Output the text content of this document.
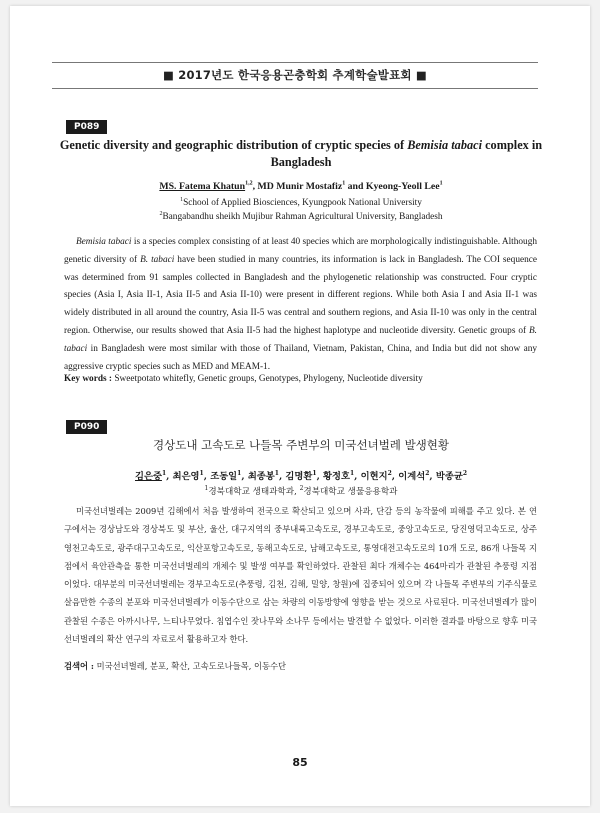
■ 2017년도 한국응용곤충학회 추계학술발표회 ■
P089
Genetic diversity and geographic distribution of cryptic species of Bemisia tabaci complex in Bangladesh
MS. Fatema Khatun$^{1,2}$, MD Munir Mostafiz$^1$ and Kyeong-Yeoll Lee$^1$
$^1$School of Applied Biosciences, Kyungpook National University
$^2$Bangabandhu sheikh Mujibur Rahman Agricultural University, Bangladesh

Bemisia tabaci is a species complex consisting of at least 40 species which are morphologically indistinguishable. Although genetic diversity of B. tabaci have been studied in many countries, its information is lack in Bangladesh. The COI sequence was determined from 91 samples collected in Bangladesh and the phylogenetic relationship was constructed. Four cryptic species (Asia I, Asia II-1, Asia II-5 and Asia II-10) were present in different regions. While both Asia I and Asia II-1 was widely distributed in all around the country, Asia II-5 was central and southern regions, and Asia II-10 was only in the central region. Otherwise, our results showed that Asia II-5 had the highest haplotype and nucleotide diversity. Genetic groups of B. tabaci in Bangladesh were most similar with those of Thailand, Vietnam, Pakistan, China, and India but did not show any aggressive cryptic species such as MED and MEAM-1.

Key words : Sweetpotato whitefly, Genetic groups, Genotypes, Phylogeny, Nucleotide diversity
P090
경상도내 고속도로 나들목 주변부의 미국선녀벌레 발생현황
김은중$^1$, 최은영$^1$, 조동일$^1$, 최종봉$^1$, 김명환$^1$, 황정호$^1$, 이현지$^2$, 이계석$^2$, 박종균$^2$
$^1$경북대학교 생태과학과, $^2$경북대학교 생물응용학과

미국선녀벌레는 2009년 김해에서 처음 발생하여 전국으로 확산되고 있으며 사과, 단감 등의 농작물에 피해를 주고 있다. 본 연구에서는 경상남도와 경상북도 및 부산, 울산, 대구지역의 중부내륙고속도로, 경부고속도로, 중앙고속도로, 당진영덕고속도로, 상주영천고속도로, 광주대구고속도로, 익산포항고속도로, 동해고속도로, 남해고속도로, 통영대전고속도로의 10개 도로, 86개 나들목 지점에서 육안관측을 통한 미국선녀벌레의 개체수 및 발생 여부를 확인하였다. 관찰된 최다 개체수는 464마리가 관찰된 추풍령 지점이었다. 대부분의 미국선녀벌레는 경부고속도로(추풍령, 김천, 김해, 밀양, 창원)에 집중되어 있으며 각 나들목 주변부의 기주식물로 살음만한 수종의 분포와 미국선녀벌레가 이동수단으로 삼는 차량의 이동방향에 영향을 받는 것으로 사료된다. 미국선녀벌레가 많이 관찰된 수종은 아까시나무, 느티나무였다. 침엽수인 잣나무와 소나무 등에서는 발견할 수 없었다. 이러한 결과를 바탕으로 향후 미국선녀벌레의 확산 연구의 자료로서 활용하고자 한다.

검색어 : 미국선녀벌레, 분포, 확산, 고속도로나들목, 이동수단
85
